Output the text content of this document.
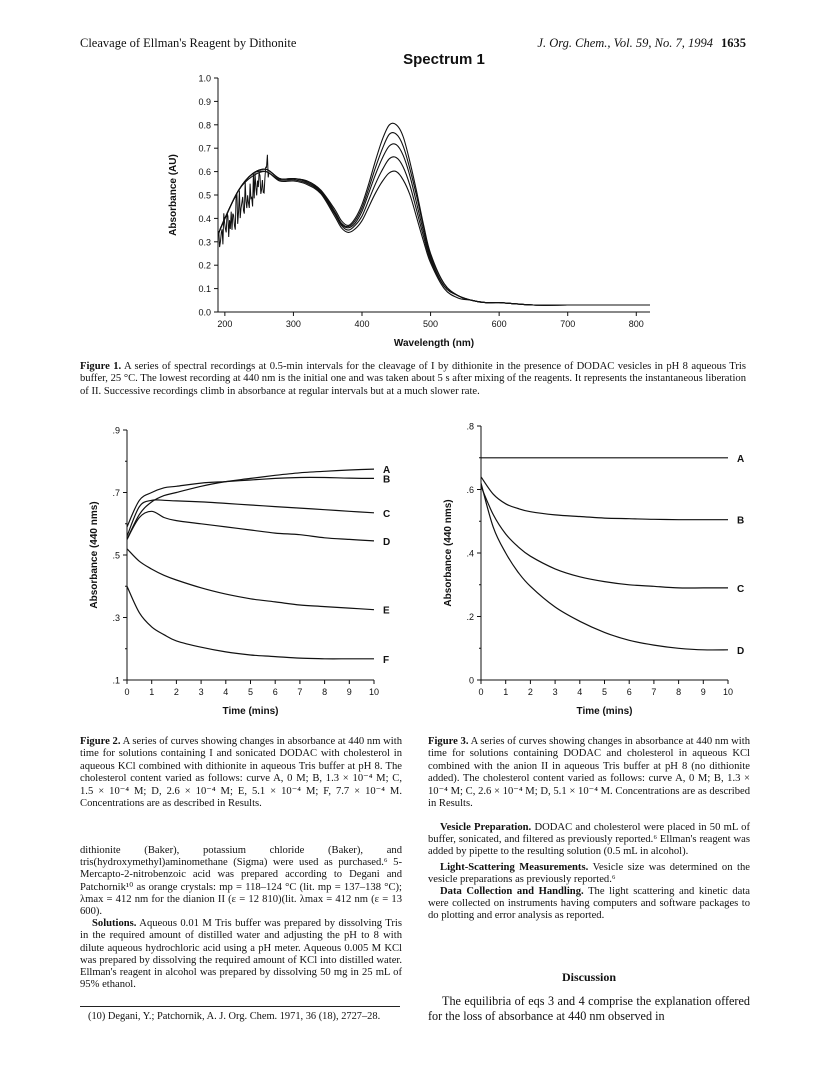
Cleavage of Ellman's Reagent by Dithonite	J. Org. Chem., Vol. 59, No. 7, 1994 1635
200	300	400	500	600	700	800
0.0
0.1
0.2
0.3
0.4
0.5
0.6
0.7
0.8
0.9
1.0
Spectrum 1
Wavelength (nm)
Absorbance (AU)
Figure 1. A series of spectral recordings at 0.5-min intervals for the cleavage of I by dithionite in the presence of DODAC vesicles in pH 8 aqueous Tris buffer, 25 °C. The lowest recording at 440 nm is the initial one and was taken about 5 s after mixing of the reagents. It represents the instantaneous liberation of II. Successive recordings climb in absorbance at regular intervals but at a much slower rate.
0 1 2 3 4 5 6 7 8 9 10
.1
.3
.5
.7
.9
Time (mins)
Absorbance (440 nms)
A
B
C
D
E
F
0 1 2 3 4 5 6 7 8 9 10
0
.2
.4
.6
.8
Time (mins)
Absorbance (440 nms)
A
B
C
D
Figure 2. A series of curves showing changes in absorbance at 440 nm with time for solutions containing I and sonicated DODAC with cholesterol in aqueous KCl combined with dithionite in aqueous Tris buffer at pH 8. The cholesterol content varied as follows: curve A, 0 M; B, 1.3 × 10⁻⁴ M; C, 1.5 × 10⁻⁴ M; D, 2.6 × 10⁻⁴ M; E, 5.1 × 10⁻⁴ M; F, 7.7 × 10⁻⁴ M. Concentrations are as described in Results.
Figure 3. A series of curves showing changes in absorbance at 440 nm with time for solutions containing DODAC and cholesterol in aqueous KCl combined with the anion II in aqueous Tris buffer at pH 8 (no dithionite added). The cholesterol content varied as follows: curve A, 0 M; B, 1.3 × 10⁻⁴ M; C, 2.6 × 10⁻⁴ M; D, 5.1 × 10⁻⁴ M. Concentrations are as described in Results.

dithionite (Baker), potassium chloride (Baker), and tris(hydroxymethyl)aminomethane (Sigma) were used as purchased.⁶ 5-Mercapto-2-nitrobenzoic acid was prepared according to Degani and Patchornik¹⁰ as orange crystals: mp = 118–124 °C (lit. mp = 137–138 °C); λmax = 412 nm for the dianion II (ε = 12 810)(lit. λmax = 412 nm (ε = 13 600).

Solutions. Aqueous 0.01 M Tris buffer was prepared by dissolving Tris in the required amount of distilled water and adjusting the pH to 8 with dilute aqueous hydrochloric acid using a pH meter. Aqueous 0.005 M KCl was prepared by dissolving the required amount of KCl into distilled water. Ellman's reagent in alcohol was prepared by dissolving 50 mg in 25 mL of 95% ethanol.

(10) Degani, Y.; Patchornik, A. J. Org. Chem. 1971, 36 (18), 2727–28.

Vesicle Preparation. DODAC and cholesterol were placed in 50 mL of buffer, sonicated, and filtered as previously reported.⁶ Ellman's reagent was added by pipette to the resulting solution (0.5 mL in alcohol).

Light-Scattering Measurements. Vesicle size was determined on the vesicle preparations as previously reported.⁶

Data Collection and Handling. The light scattering and kinetic data were collected on instruments having computers and software packages to do plotting and error analysis as reported.

Discussion
The equilibria of eqs 3 and 4 comprise the explanation offered for the loss of absorbance at 440 nm observed in
